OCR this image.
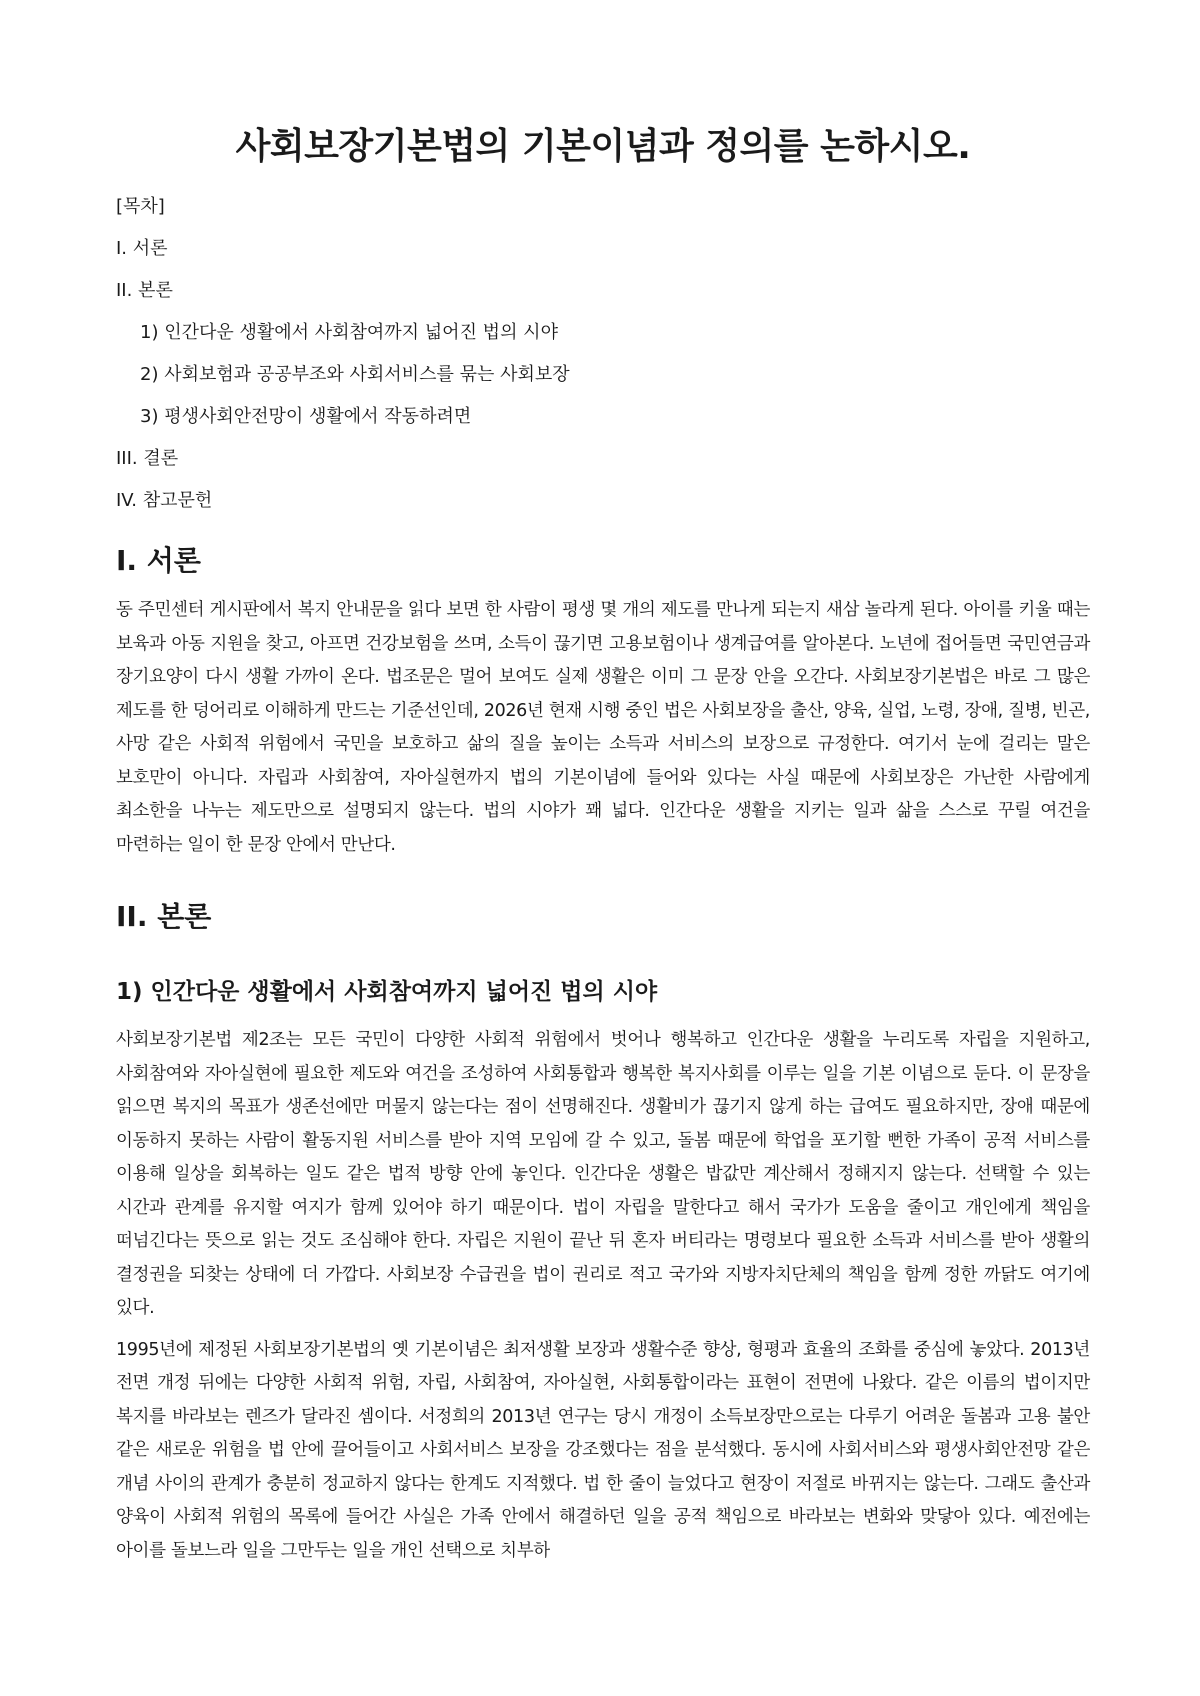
사회보장기본법의 기본이념과 정의를 논하시오.
[목차]
I. 서론
II. 본론
1) 인간다운 생활에서 사회참여까지 넓어진 법의 시야
2) 사회보험과 공공부조와 사회서비스를 묶는 사회보장
3) 평생사회안전망이 생활에서 작동하려면
III. 결론
IV. 참고문헌
I. 서론

동 주민센터 게시판에서 복지 안내문을 읽다 보면 한 사람이 평생 몇 개의 제도를 만나게 되는지 새삼 놀라게 된다. 아이를 키울 때는 보육과 아동 지원을 찾고, 아프면 건강보험을 쓰며, 소득이 끊기면 고용보험이나 생계급여를 알아본다. 노년에 접어들면 국민연금과 장기요양이 다시 생활 가까이 온다. 법조문은 멀어 보여도 실제 생활은 이미 그 문장 안을 오간다. 사회보장기본법은 바로 그 많은 제도를 한 덩어리로 이해하게 만드는 기준선인데, 2026년 현재 시행 중인 법은 사회보장을 출산, 양육, 실업, 노령, 장애, 질병, 빈곤, 사망 같은 사회적 위험에서 국민을 보호하고 삶의 질을 높이는 소득과 서비스의 보장으로 규정한다. 여기서 눈에 걸리는 말은 보호만이 아니다. 자립과 사회참여, 자아실현까지 법의 기본이념에 들어와 있다는 사실 때문에 사회보장은 가난한 사람에게 최소한을 나누는 제도만으로 설명되지 않는다. 법의 시야가 꽤 넓다. 인간다운 생활을 지키는 일과 삶을 스스로 꾸릴 여건을 마련하는 일이 한 문장 안에서 만난다.

II. 본론
1) 인간다운 생활에서 사회참여까지 넓어진 법의 시야

사회보장기본법 제2조는 모든 국민이 다양한 사회적 위험에서 벗어나 행복하고 인간다운 생활을 누리도록 자립을 지원하고, 사회참여와 자아실현에 필요한 제도와 여건을 조성하여 사회통합과 행복한 복지사회를 이루는 일을 기본 이념으로 둔다. 이 문장을 읽으면 복지의 목표가 생존선에만 머물지 않는다는 점이 선명해진다. 생활비가 끊기지 않게 하는 급여도 필요하지만, 장애 때문에 이동하지 못하는 사람이 활동지원 서비스를 받아 지역 모임에 갈 수 있고, 돌봄 때문에 학업을 포기할 뻔한 가족이 공적 서비스를 이용해 일상을 회복하는 일도 같은 법적 방향 안에 놓인다. 인간다운 생활은 밥값만 계산해서 정해지지 않는다. 선택할 수 있는 시간과 관계를 유지할 여지가 함께 있어야 하기 때문이다. 법이 자립을 말한다고 해서 국가가 도움을 줄이고 개인에게 책임을 떠넘긴다는 뜻으로 읽는 것도 조심해야 한다. 자립은 지원이 끝난 뒤 혼자 버티라는 명령보다 필요한 소득과 서비스를 받아 생활의 결정권을 되찾는 상태에 더 가깝다. 사회보장 수급권을 법이 권리로 적고 국가와 지방자치단체의 책임을 함께 정한 까닭도 여기에 있다.

1995년에 제정된 사회보장기본법의 옛 기본이념은 최저생활 보장과 생활수준 향상, 형평과 효율의 조화를 중심에 놓았다. 2013년 전면 개정 뒤에는 다양한 사회적 위험, 자립, 사회참여, 자아실현, 사회통합이라는 표현이 전면에 나왔다. 같은 이름의 법이지만 복지를 바라보는 렌즈가 달라진 셈이다. 서정희의 2013년 연구는 당시 개정이 소득보장만으로는 다루기 어려운 돌봄과 고용 불안 같은 새로운 위험을 법 안에 끌어들이고 사회서비스 보장을 강조했다는 점을 분석했다. 동시에 사회서비스와 평생사회안전망 같은 개념 사이의 관계가 충분히 정교하지 않다는 한계도 지적했다. 법 한 줄이 늘었다고 현장이 저절로 바뀌지는 않는다. 그래도 출산과 양육이 사회적 위험의 목록에 들어간 사실은 가족 안에서 해결하던 일을 공적 책임으로 바라보는 변화와 맞닿아 있다. 예전에는 아이를 돌보느라 일을 그만두는 일을 개인 선택으로 치부하
